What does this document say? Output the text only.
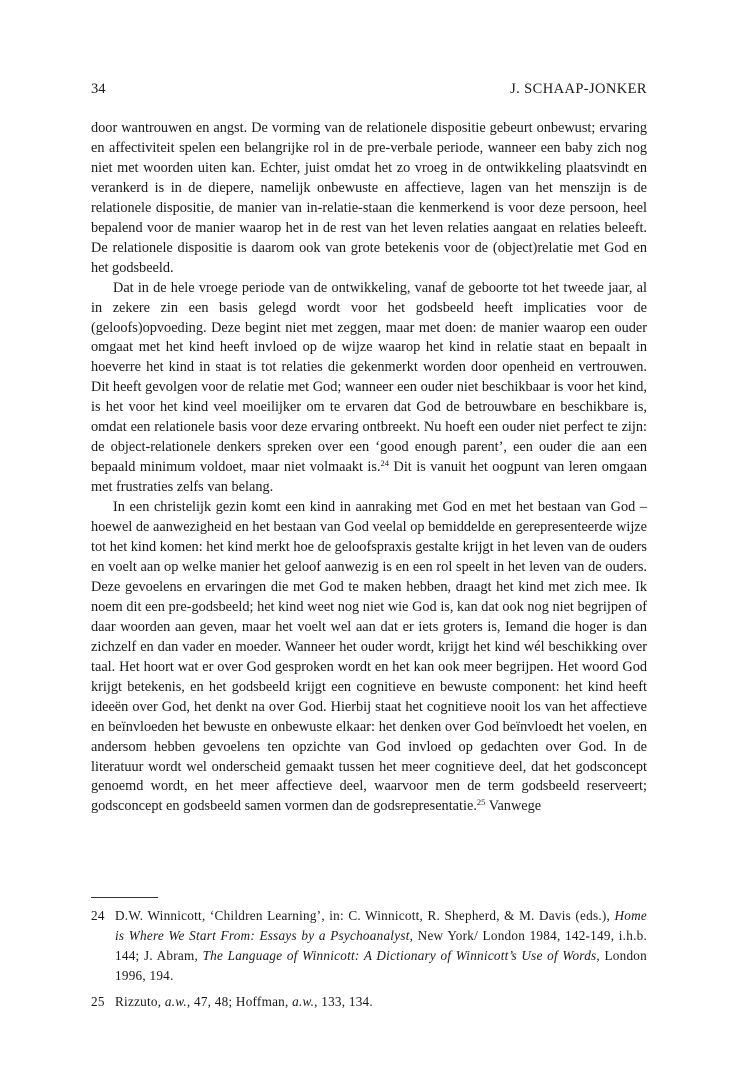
34	J. SCHAAP-JONKER

door wantrouwen en angst. De vorming van de relationele dispositie gebeurt onbewust; ervaring en affectiviteit spelen een belangrijke rol in de pre-verbale periode, wanneer een baby zich nog niet met woorden uiten kan. Echter, juist omdat het zo vroeg in de ontwikkeling plaatsvindt en verankerd is in de diepere, namelijk onbewuste en affectieve, lagen van het menszijn is de relationele dispositie, de manier van in-relatie-staan die kenmerkend is voor deze persoon, heel bepalend voor de manier waarop het in de rest van het leven relaties aangaat en relaties beleeft. De relationele dispositie is daarom ook van grote betekenis voor de (object)relatie met God en het godsbeeld.

Dat in de hele vroege periode van de ontwikkeling, vanaf de geboorte tot het tweede jaar, al in zekere zin een basis gelegd wordt voor het godsbeeld heeft implicaties voor de (geloofs)opvoeding. Deze begint niet met zeggen, maar met doen: de manier waarop een ouder omgaat met het kind heeft invloed op de wijze waarop het kind in relatie staat en bepaalt in hoeverre het kind in staat is tot relaties die gekenmerkt worden door openheid en vertrouwen. Dit heeft gevolgen voor de relatie met God; wanneer een ouder niet beschikbaar is voor het kind, is het voor het kind veel moeilijker om te ervaren dat God de betrouwbare en beschikbare is, omdat een relationele basis voor deze ervaring ontbreekt. Nu hoeft een ouder niet perfect te zijn: de object-relationele denkers spreken over een ‘good enough parent’, een ouder die aan een bepaald minimum voldoet, maar niet volmaakt is.$^{24}$ Dit is vanuit het oogpunt van leren omgaan met frustraties zelfs van belang.

In een christelijk gezin komt een kind in aanraking met God en met het bestaan van God – hoewel de aanwezigheid en het bestaan van God veelal op bemiddelde en gerepresenteerde wijze tot het kind komen: het kind merkt hoe de geloofspraxis gestalte krijgt in het leven van de ouders en voelt aan op welke manier het geloof aanwezig is en een rol speelt in het leven van de ouders. Deze gevoelens en ervaringen die met God te maken hebben, draagt het kind met zich mee. Ik noem dit een pre-godsbeeld; het kind weet nog niet wie God is, kan dat ook nog niet begrijpen of daar woorden aan geven, maar het voelt wel aan dat er iets groters is, Iemand die hoger is dan zichzelf en dan vader en moeder. Wanneer het ouder wordt, krijgt het kind wél beschikking over taal. Het hoort wat er over God gesproken wordt en het kan ook meer begrijpen. Het woord God krijgt betekenis, en het godsbeeld krijgt een cognitieve en bewuste component: het kind heeft ideeën over God, het denkt na over God. Hierbij staat het cognitieve nooit los van het affectieve en beïnvloeden het bewuste en onbewuste elkaar: het denken over God beïnvloedt het voelen, en andersom hebben gevoelens ten opzichte van God invloed op gedachten over God. In de literatuur wordt wel onderscheid gemaakt tussen het meer cognitieve deel, dat het godsconcept genoemd wordt, en het meer affectieve deel, waarvoor men de term godsbeeld reserveert; godsconcept en godsbeeld samen vormen dan de godsrepresentatie.$^{25}$ Vanwege

24 D.W. Winnicott, ‘Children Learning’, in: C. Winnicott, R. Shepherd, & M. Davis (eds.), Home is Where We Start From: Essays by a Psychoanalyst, New York/ London 1984, 142-149, i.h.b. 144; J. Abram, The Language of Winnicott: A Dictionary of Winnicott’s Use of Words, London 1996, 194.

25 Rizzuto, a.w., 47, 48; Hoffman, a.w., 133, 134.
